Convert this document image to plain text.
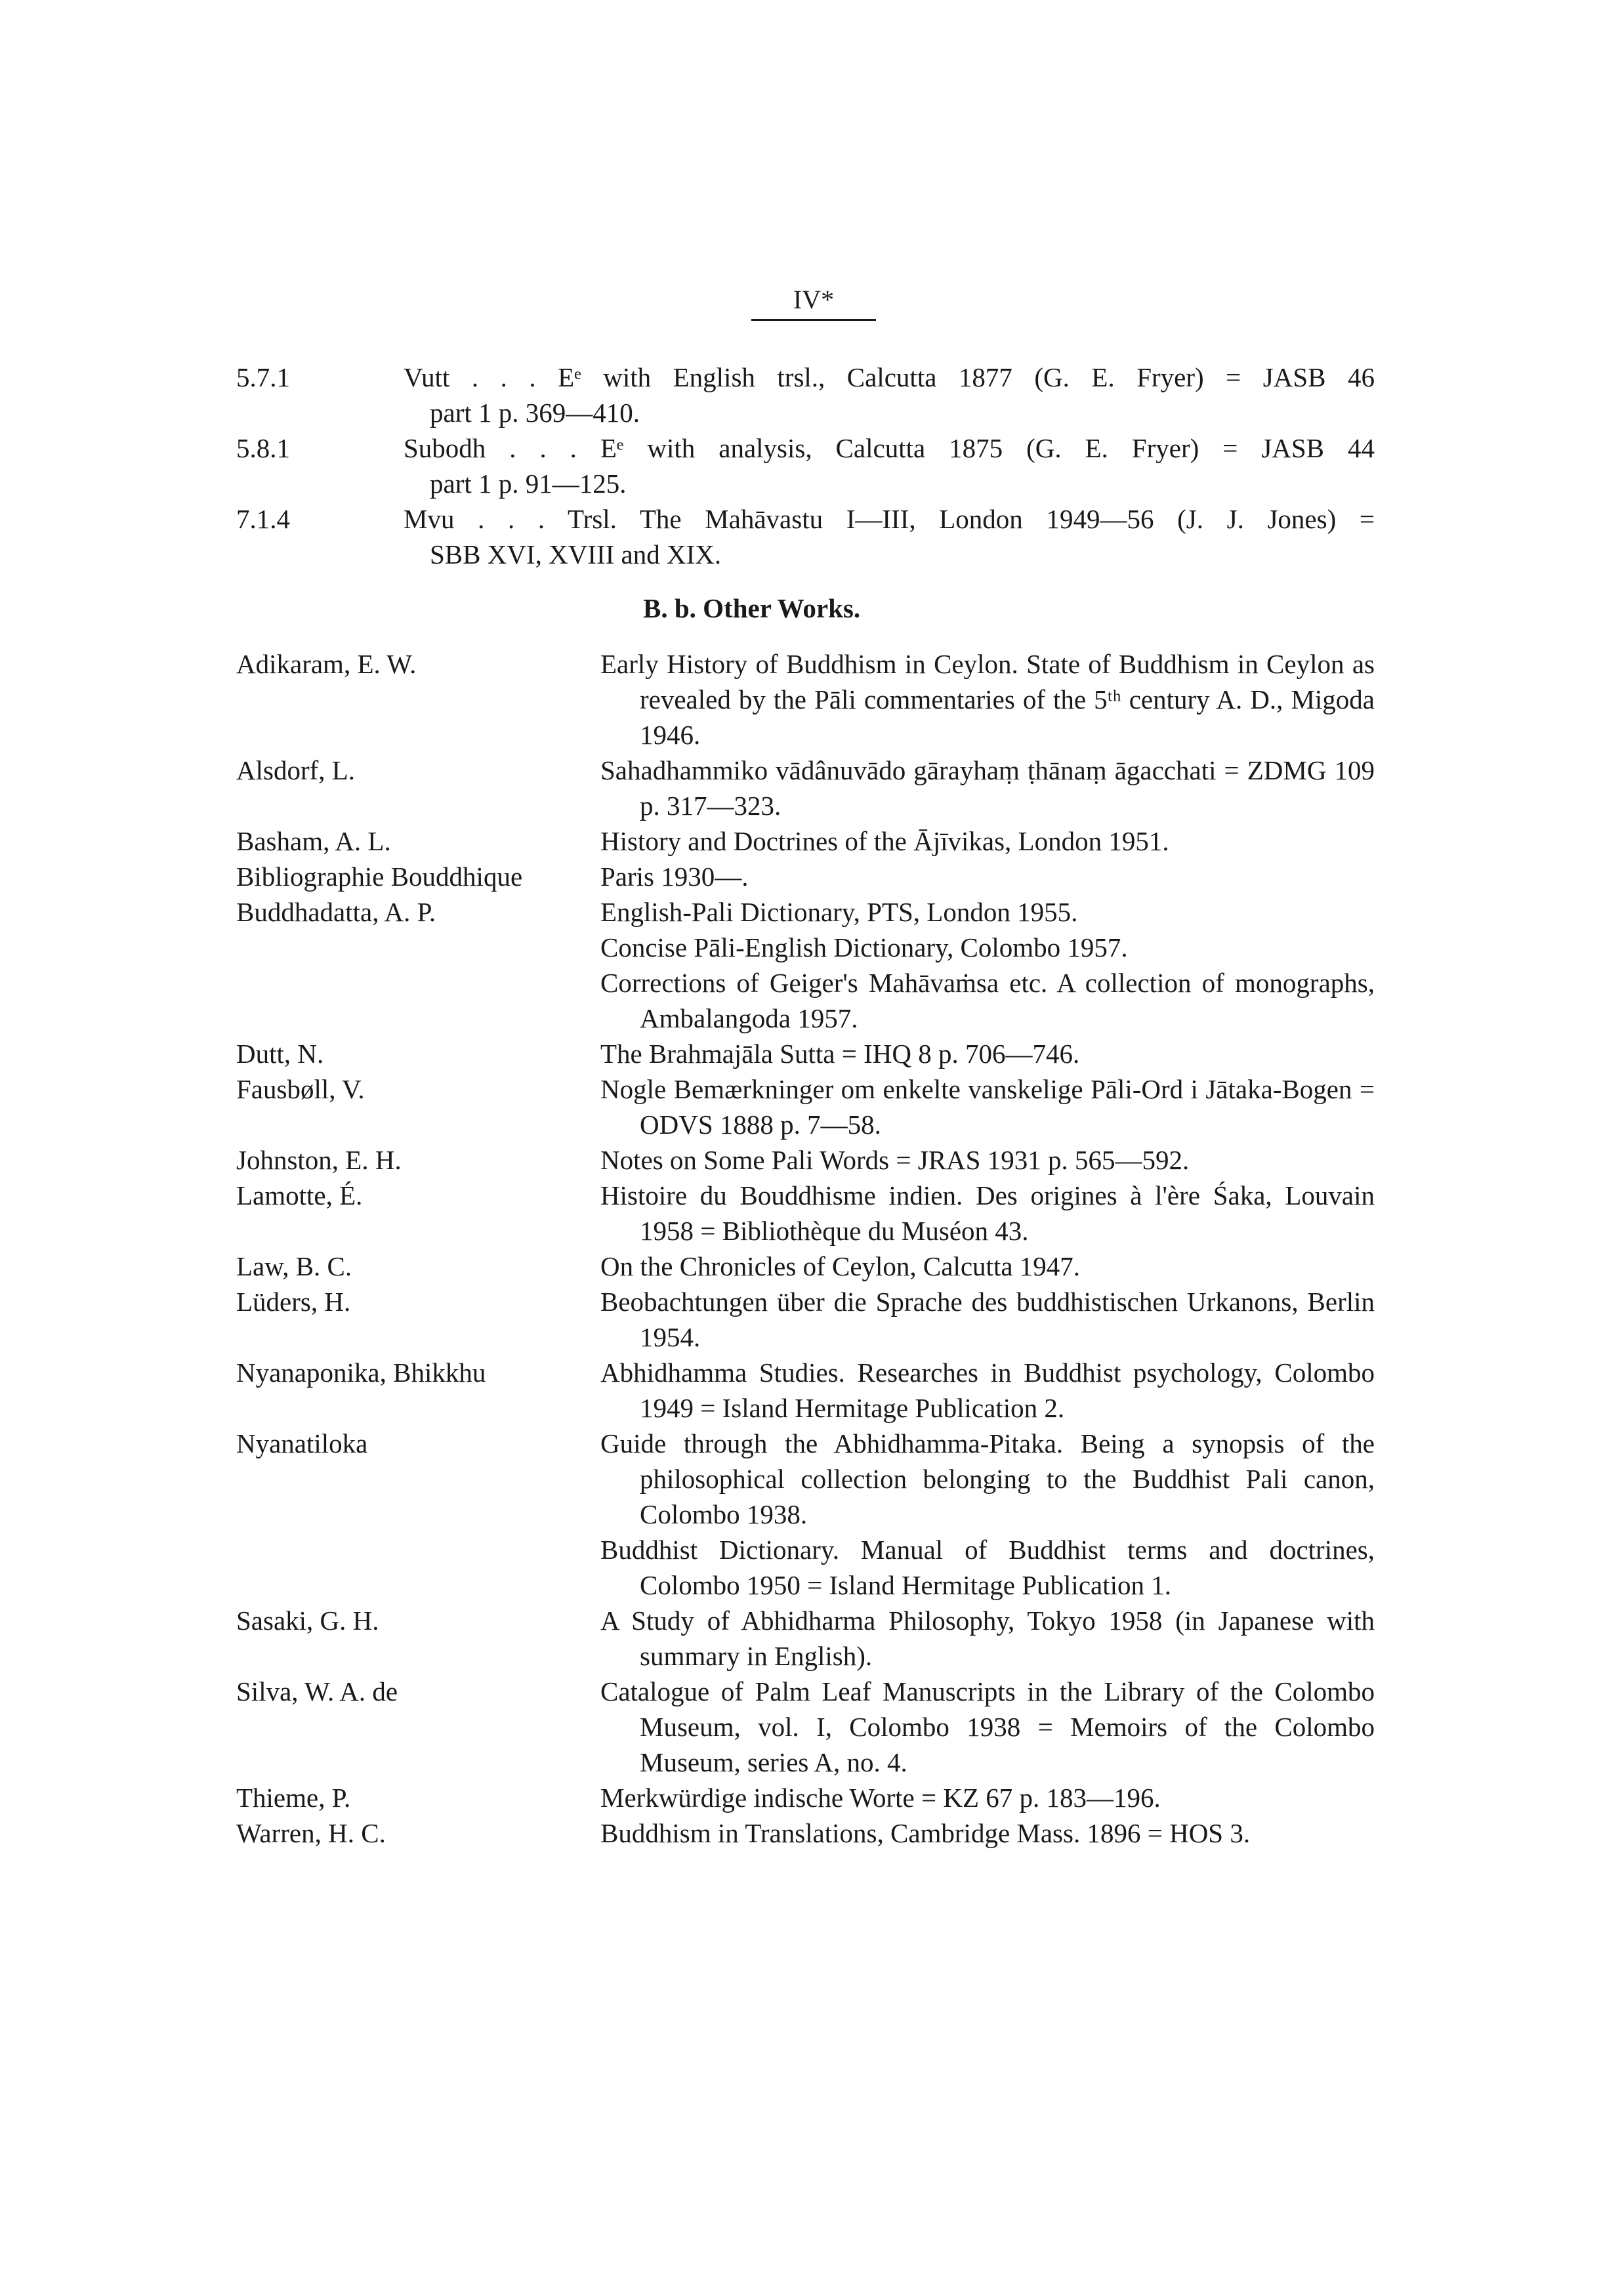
IV*
5.7.1	Vutt . . . Eᵉ with English trsl., Calcutta 1877 (G. E. Fryer) = JASB 46
part 1 p. 369—410.
5.8.1	Subodh . . . Eᵉ with analysis, Calcutta 1875 (G. E. Fryer) = JASB 44
part 1 p. 91—125.
7.1.4	Mvu . . . Trsl. The Mahāvastu I—III, London 1949—56 (J. J. Jones) =
SBB XVI, XVIII and XIX.
B. b. Other Works.
Adikaram, E. W.	Early History of Buddhism in Ceylon. State of Buddhism in Ceylon as revealed by the Pāli commentaries of the 5ᵗʰ century A. D., Migoda 1946.
Alsdorf, L.	Sahadhammiko vādânuvādo gārayhaṃ ṭhānaṃ āgacchati = ZDMG 109 p. 317—323.
Basham, A. L.	History and Doctrines of the Ājīvikas, London 1951.
Bibliographie Bouddhique	Paris 1930—.
Buddhadatta, A. P.	English-Pali Dictionary, PTS, London 1955.
Concise Pāli-English Dictionary, Colombo 1957.
Corrections of Geiger's Mahāvaṁsa etc. A collection of monographs, Ambalangoda 1957.
Dutt, N.	The Brahmajāla Sutta = IHQ 8 p. 706—746.
Fausbøll, V.	Nogle Bemærkninger om enkelte vanskelige Pāli-Ord i Jātaka-Bogen = ODVS 1888 p. 7—58.
Johnston, E. H.	Notes on Some Pali Words = JRAS 1931 p. 565—592.
Lamotte, É.	Histoire du Bouddhisme indien. Des origines à l'ère Śaka, Louvain 1958 = Bibliothèque du Muséon 43.
Law, B. C.	On the Chronicles of Ceylon, Calcutta 1947.
Lüders, H.	Beobachtungen über die Sprache des buddhistischen Urkanons, Berlin 1954.
Nyanaponika, Bhikkhu	Abhidhamma Studies. Researches in Buddhist psychology, Colombo 1949 = Island Hermitage Publication 2.
Nyanatiloka	Guide through the Abhidhamma-Pitaka. Being a synopsis of the philosophical collection belonging to the Buddhist Pali canon, Colombo 1938.
Buddhist Dictionary. Manual of Buddhist terms and doctrines, Colombo 1950 = Island Hermitage Publication 1.
Sasaki, G. H.	A Study of Abhidharma Philosophy, Tokyo 1958 (in Japanese with summary in English).
Silva, W. A. de	Catalogue of Palm Leaf Manuscripts in the Library of the Colombo Museum, vol. I, Colombo 1938 = Memoirs of the Colombo Museum, series A, no. 4.
Thieme, P.	Merkwürdige indische Worte = KZ 67 p. 183—196.
Warren, H. C.	Buddhism in Translations, Cambridge Mass. 1896 = HOS 3.
